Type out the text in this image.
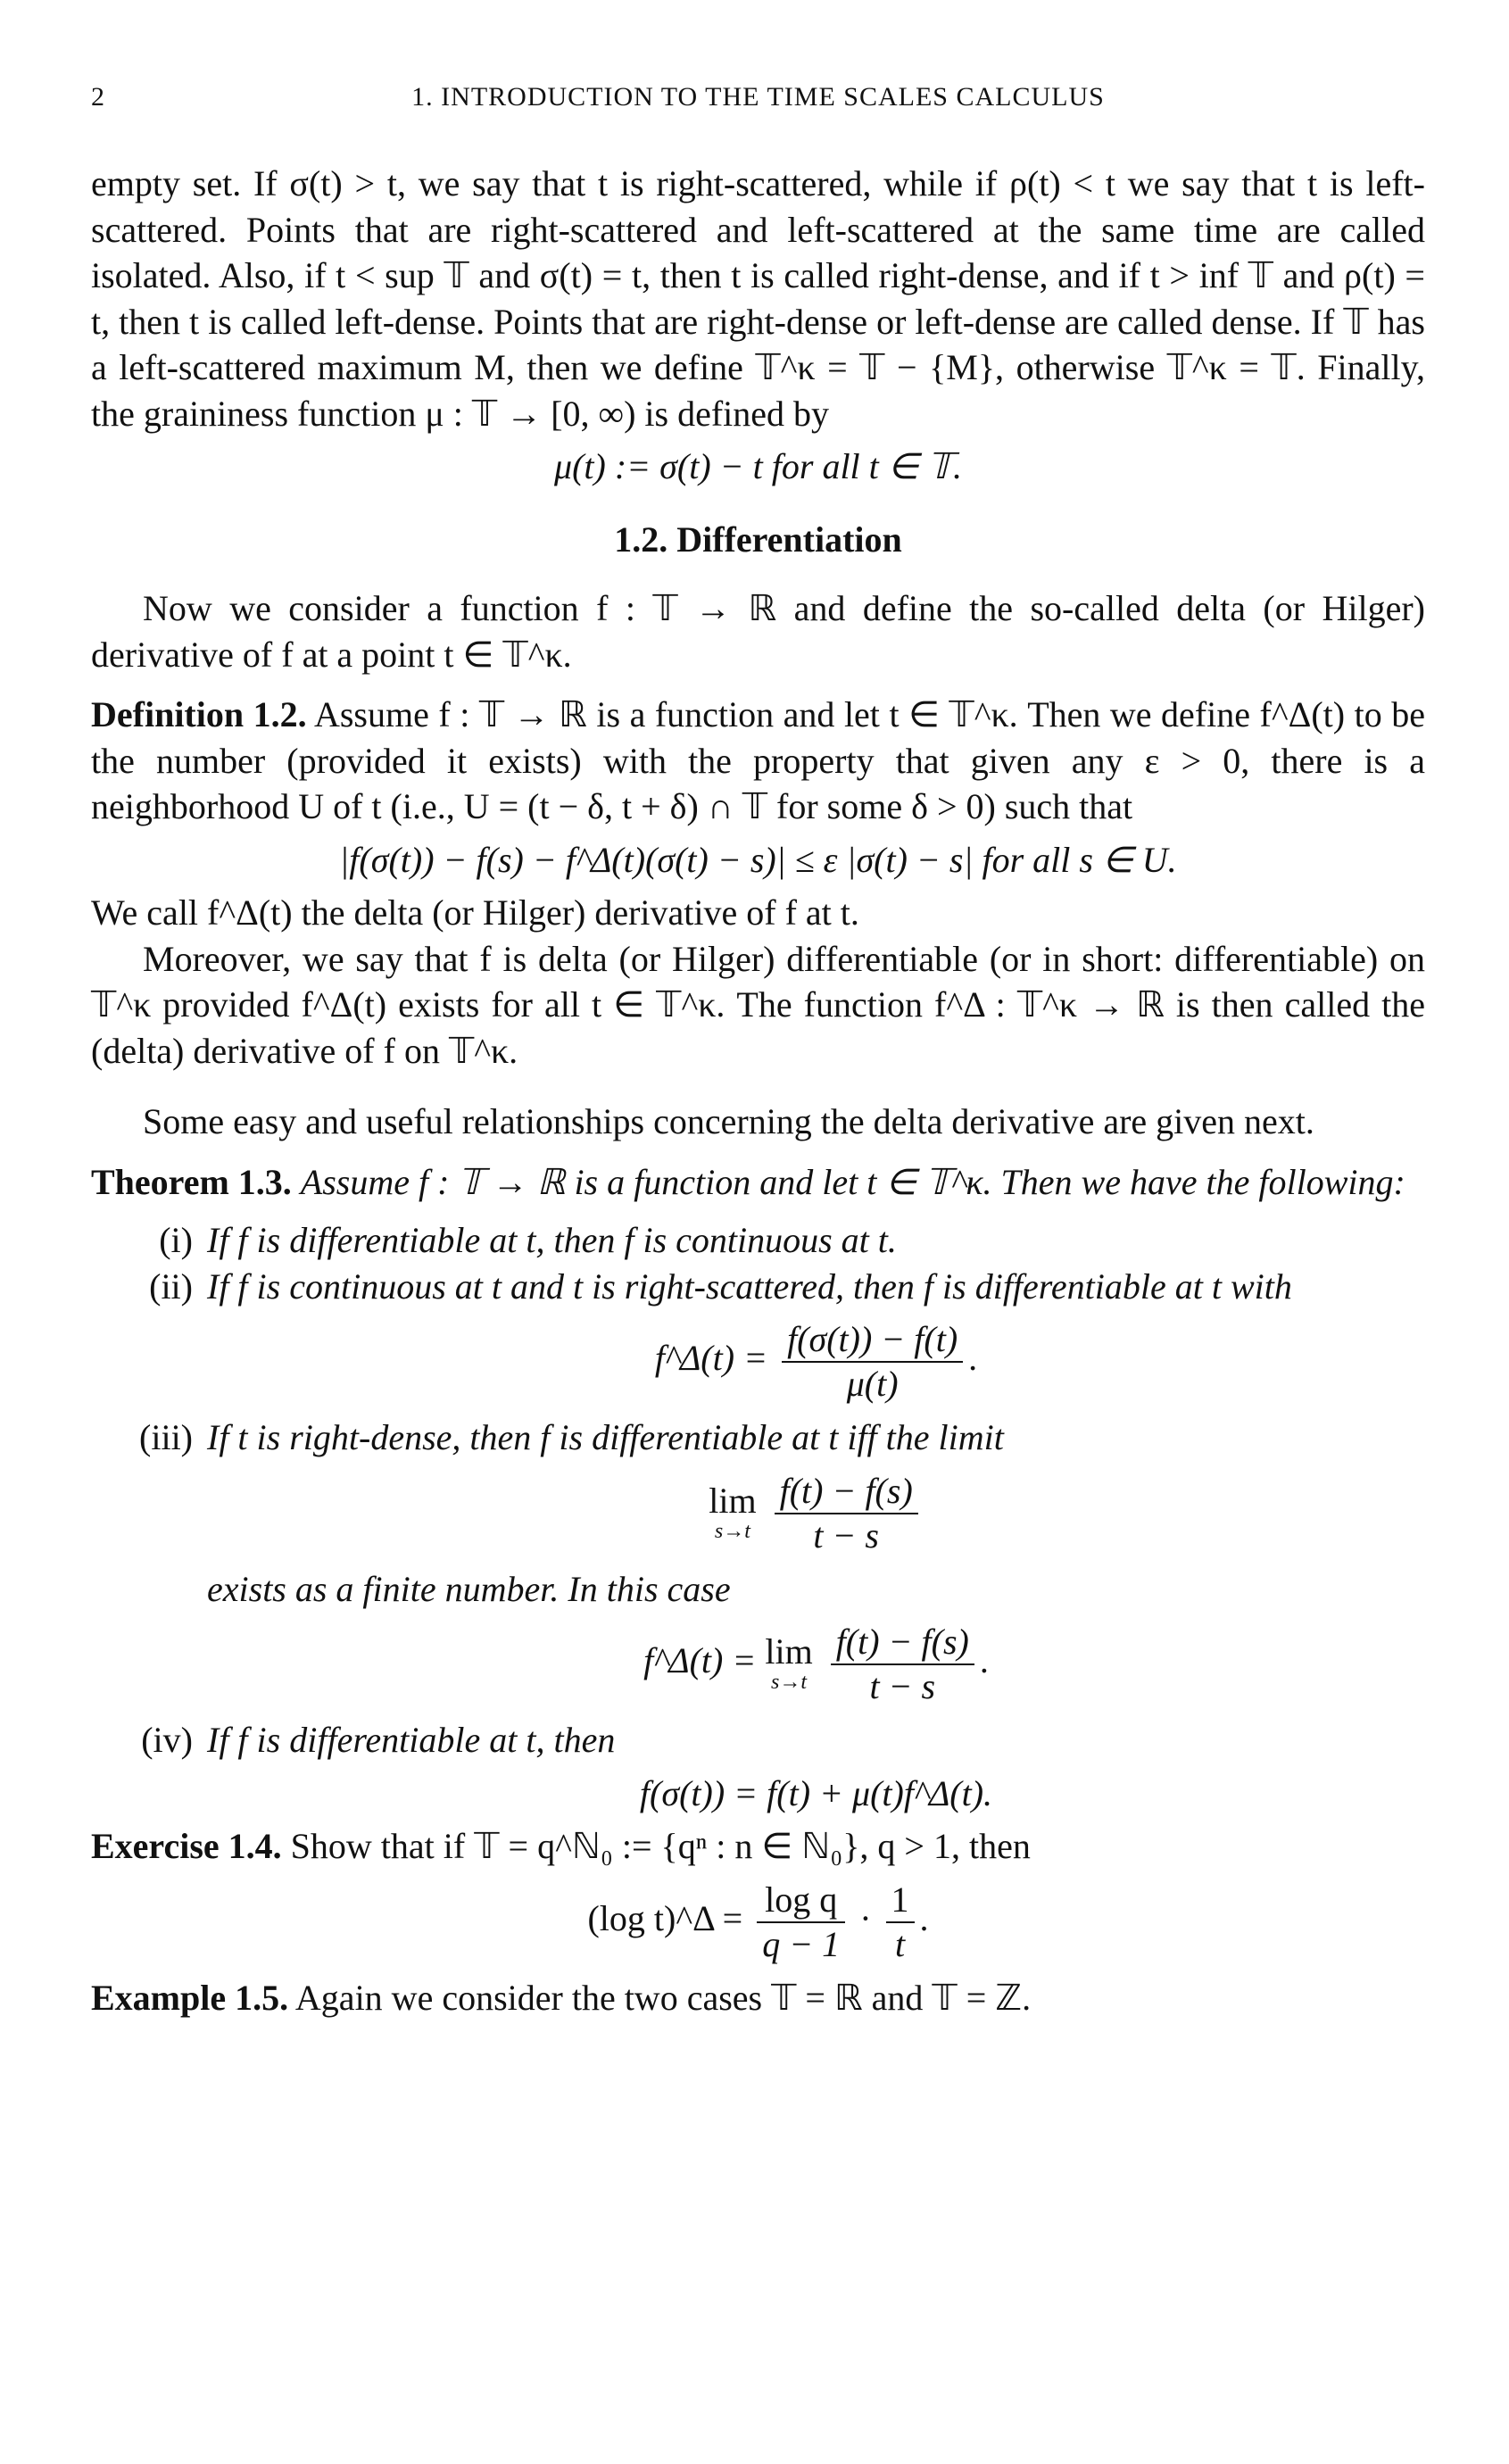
2	1. INTRODUCTION TO THE TIME SCALES CALCULUS

empty set. If σ(t) > t, we say that t is right-scattered, while if ρ(t) < t we say that t is left-scattered. Points that are right-scattered and left-scattered at the same time are called isolated. Also, if t < sup 𝕋 and σ(t) = t, then t is called right-dense, and if t > inf 𝕋 and ρ(t) = t, then t is called left-dense. Points that are right-dense or left-dense are called dense. If 𝕋 has a left-scattered maximum M, then we define 𝕋^κ = 𝕋 − {M}, otherwise 𝕋^κ = 𝕋. Finally, the graininess function μ : 𝕋 → [0, ∞) is defined by

μ(t) := σ(t) − t for all t ∈ 𝕋.
1.2. Differentiation

Now we consider a function f : 𝕋 → ℝ and define the so-called delta (or Hilger) derivative of f at a point t ∈ 𝕋^κ.

Definition 1.2. Assume f : 𝕋 → ℝ is a function and let t ∈ 𝕋^κ. Then we define f^Δ(t) to be the number (provided it exists) with the property that given any ε > 0, there is a neighborhood U of t (i.e., U = (t − δ, t + δ) ∩ 𝕋 for some δ > 0) such that

|f(σ(t)) − f(s) − f^Δ(t)(σ(t) − s)| ≤ ε |σ(t) − s| for all s ∈ U.

We call f^Δ(t) the delta (or Hilger) derivative of f at t.

Moreover, we say that f is delta (or Hilger) differentiable (or in short: differentiable) on 𝕋^κ provided f^Δ(t) exists for all t ∈ 𝕋^κ. The function f^Δ : 𝕋^κ → ℝ is then called the (delta) derivative of f on 𝕋^κ.

Some easy and useful relationships concerning the delta derivative are given next.

Theorem 1.3. Assume f : 𝕋 → ℝ is a function and let t ∈ 𝕋^κ. Then we have the following:

(i) If f is differentiable at t, then f is continuous at t.
(ii) If f is continuous at t and t is right-scattered, then f is differentiable at t with
f^Δ(t) = $\frac{f(\sigma(t)) - f(t)}{\mu(t)}$ .
(iii) If t is right-dense, then f is differentiable at t iff the limit
lim
s→t
$\frac{f(t) - f(s)}{t - s}$
exists as a finite number. In this case
f^Δ(t) = lim
s→t
$\frac{f(t) - f(s)}{t - s}$ .
(iv) If f is differentiable at t, then
f(σ(t)) = f(t) + μ(t)f^Δ(t).

Exercise 1.4. Show that if 𝕋 = q^ℕ₀ := {qⁿ : n ∈ ℕ₀}, q > 1, then

(log t)^Δ = $\frac{\text{log q}}{q - 1} \cdot \frac{1}{t}$ .

Example 1.5. Again we consider the two cases 𝕋 = ℝ and 𝕋 = ℤ.
